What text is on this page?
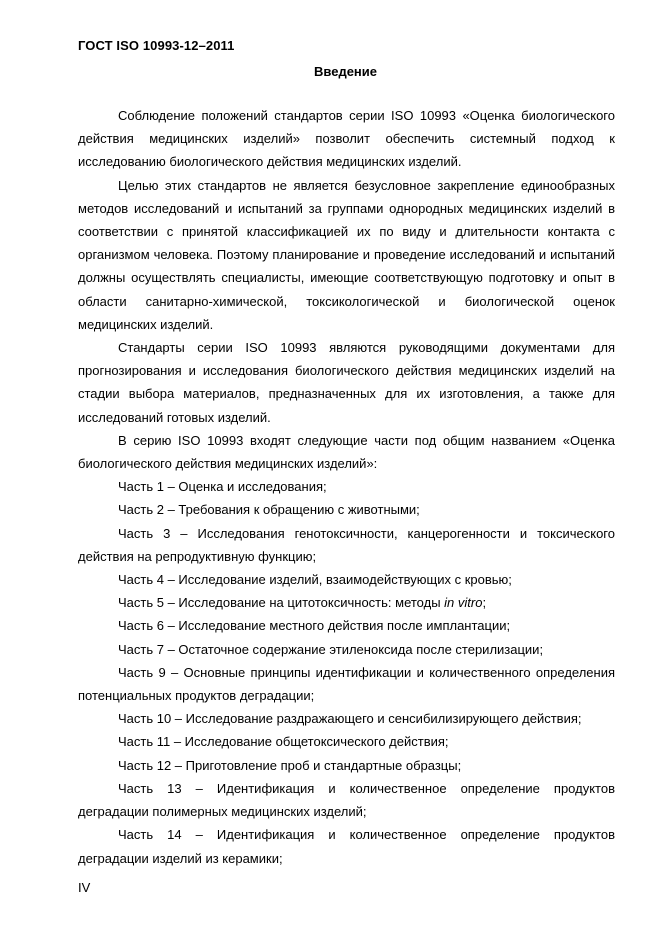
ГОСТ ISO 10993-12–2011
Введение

Соблюдение положений стандартов серии ISO 10993 «Оценка биологического действия медицинских изделий» позволит обеспечить системный подход к исследованию биологического действия медицинских изделий.

Целью этих стандартов не является безусловное закрепление единообразных методов исследований и испытаний за группами однородных медицинских изделий в соответствии с принятой классификацией их по виду и длительности контакта с организмом человека. Поэтому планирование и проведение исследований и испытаний должны осуществлять специалисты, имеющие соответствующую подготовку и опыт в области санитарно-химической, токсикологической и биологической оценок медицинских изделий.

Стандарты серии ISO 10993 являются руководящими документами для прогнозирования и исследования биологического действия медицинских изделий на стадии выбора материалов, предназначенных для их изготовления, а также для исследований готовых изделий.

В серию ISO 10993 входят следующие части под общим названием «Оценка биологического действия медицинских изделий»:

Часть 1 – Оценка и исследования;

Часть 2 – Требования к обращению с животными;

Часть 3 – Исследования генотоксичности, канцерогенности и токсического действия на репродуктивную функцию;

Часть 4 – Исследование изделий, взаимодействующих с кровью;

Часть 5 – Исследование на цитотоксичность: методы in vitro;

Часть 6 – Исследование местного действия после имплантации;

Часть 7 – Остаточное содержание этиленоксида после стерилизации;

Часть 9 – Основные принципы идентификации и количественного определения потенциальных продуктов деградации;

Часть 10 – Исследование раздражающего и сенсибилизирующего действия;

Часть 11 – Исследование общетоксического действия;

Часть 12 – Приготовление проб и стандартные образцы;

Часть 13 – Идентификация и количественное определение продуктов деградации полимерных медицинских изделий;

Часть 14 – Идентификация и количественное определение продуктов деградации изделий из керамики;

IV
